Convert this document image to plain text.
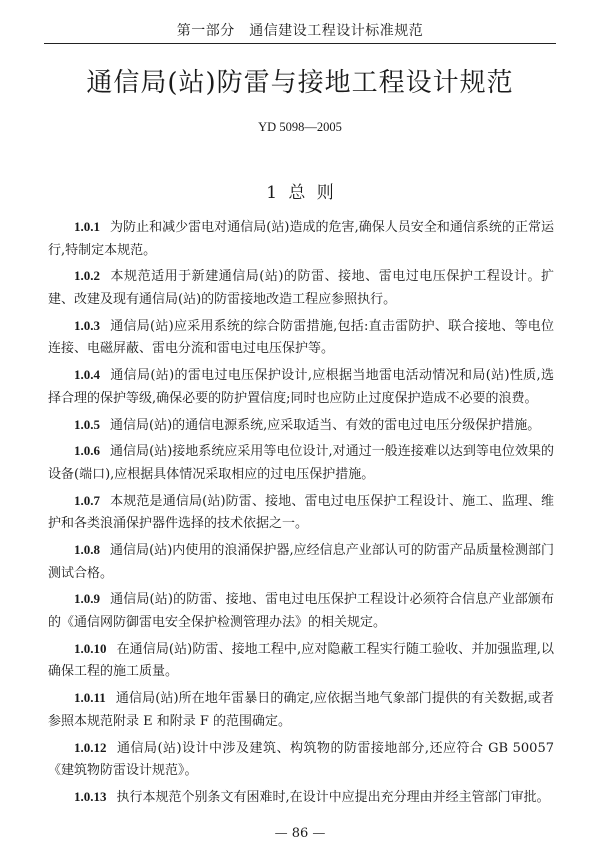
第一部分　通信建设工程设计标准规范
通信局(站)防雷与接地工程设计规范
YD 5098—2005
1 总 则

1.0.1 为防止和减少雷电对通信局(站)造成的危害,确保人员安全和通信系统的正常运行,特制定本规范。

1.0.2 本规范适用于新建通信局(站)的防雷、接地、雷电过电压保护工程设计。扩建、改建及现有通信局(站)的防雷接地改造工程应参照执行。

1.0.3 通信局(站)应采用系统的综合防雷措施,包括:直击雷防护、联合接地、等电位连接、电磁屏蔽、雷电分流和雷电过电压保护等。

1.0.4 通信局(站)的雷电过电压保护设计,应根据当地雷电活动情况和局(站)性质,选择合理的保护等级,确保必要的防护置信度;同时也应防止过度保护造成不必要的浪费。

1.0.5 通信局(站)的通信电源系统,应采取适当、有效的雷电过电压分级保护措施。

1.0.6 通信局(站)接地系统应采用等电位设计,对通过一般连接难以达到等电位效果的设备(端口),应根据具体情况采取相应的过电压保护措施。

1.0.7 本规范是通信局(站)防雷、接地、雷电过电压保护工程设计、施工、监理、维护和各类浪涌保护器件选择的技术依据之一。

1.0.8 通信局(站)内使用的浪涌保护器,应经信息产业部认可的防雷产品质量检测部门测试合格。

1.0.9 通信局(站)的防雷、接地、雷电过电压保护工程设计必须符合信息产业部颁布的《通信网防御雷电安全保护检测管理办法》的相关规定。

1.0.10 在通信局(站)防雷、接地工程中,应对隐蔽工程实行随工验收、并加强监理,以确保工程的施工质量。

1.0.11 通信局(站)所在地年雷暴日的确定,应依据当地气象部门提供的有关数据,或者参照本规范附录 E 和附录 F 的范围确定。

1.0.12 通信局(站)设计中涉及建筑、构筑物的防雷接地部分,还应符合 GB 50057《建筑物防雷设计规范》。

1.0.13 执行本规范个别条文有困难时,在设计中应提出充分理由并经主管部门审批。

— 86 —
